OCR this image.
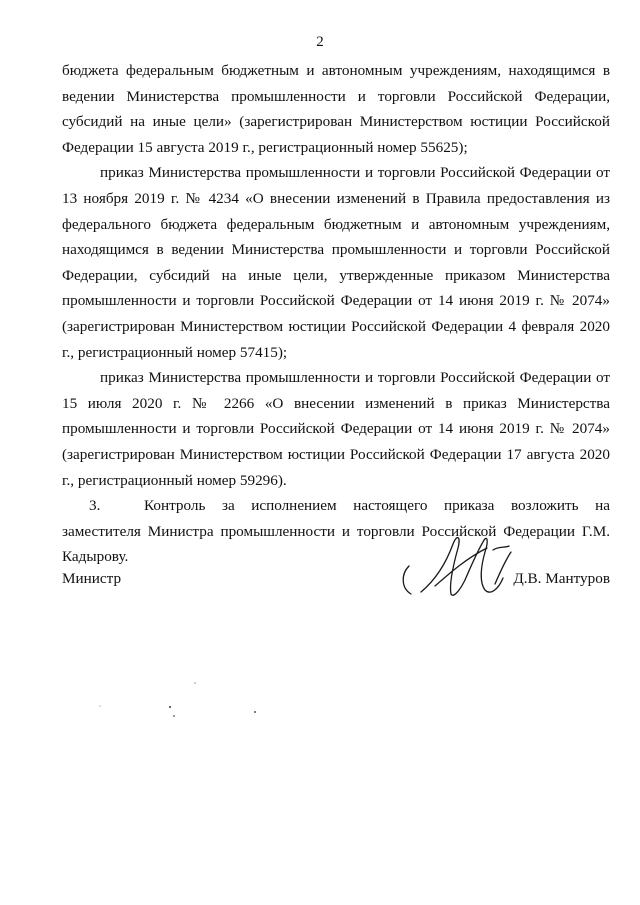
2

бюджета федеральным бюджетным и автономным учреждениям, находящимся в ведении Министерства промышленности и торговли Российской Федерации, субсидий на иные цели» (зарегистрирован Министерством юстиции Российской Федерации 15 августа 2019 г., регистрационный номер 55625);

приказ Министерства промышленности и торговли Российской Федерации от 13 ноября 2019 г. № 4234 «О внесении изменений в Правила предоставления из федерального бюджета федеральным бюджетным и автономным учреждениям, находящимся в ведении Министерства промышленности и торговли Российской Федерации, субсидий на иные цели, утвержденные приказом Министерства промышленности и торговли Российской Федерации от 14 июня 2019 г. № 2074» (зарегистрирован Министерством юстиции Российской Федерации 4 февраля 2020 г., регистрационный номер 57415);

приказ Министерства промышленности и торговли Российской Федерации от 15 июля 2020 г. № 2266 «О внесении изменений в приказ Министерства промышленности и торговли Российской Федерации от 14 июня 2019 г. № 2074» (зарегистрирован Министерством юстиции Российской Федерации 17 августа 2020 г., регистрационный номер 59296).

3.	Контроль за исполнением настоящего приказа возложить на заместителя Министра промышленности и торговли Российской Федерации Г.М. Кадырову.

Министр	Д.В. Мантуров
